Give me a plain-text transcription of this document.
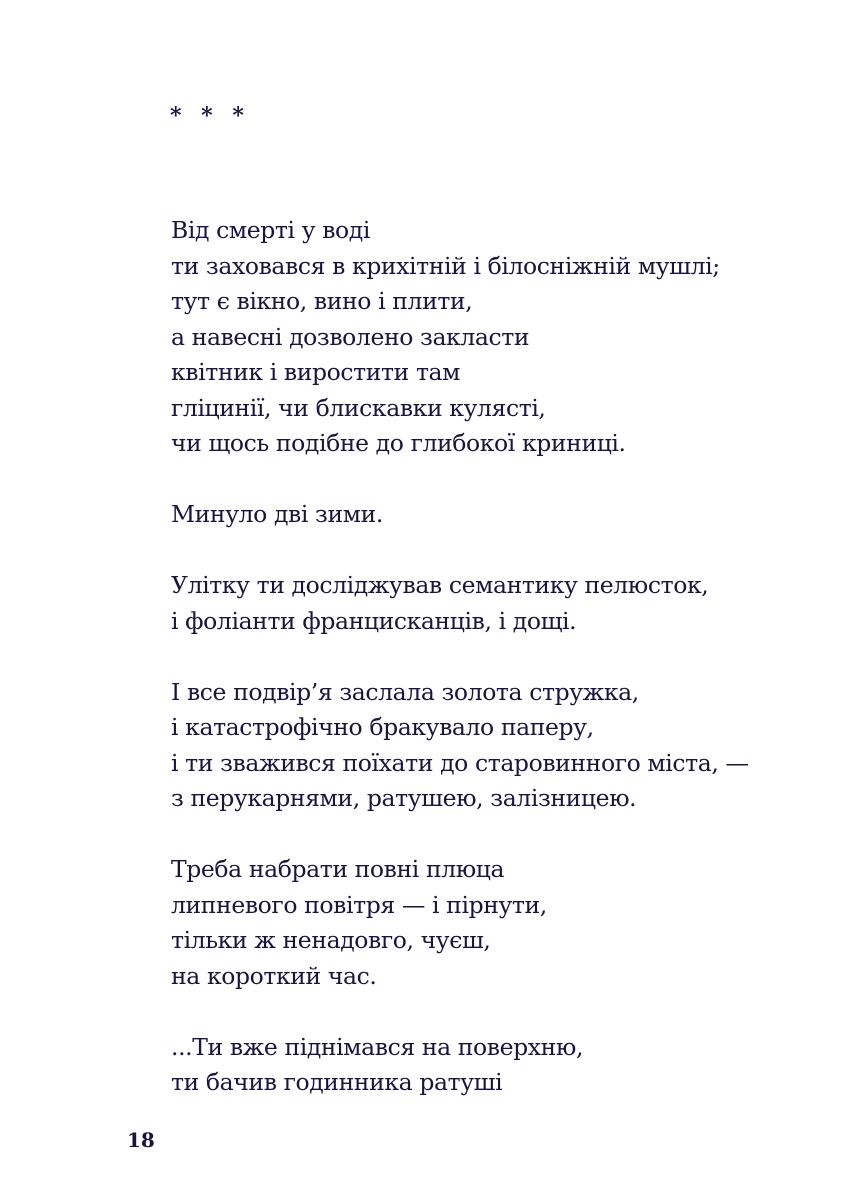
* * *
Від смерті у воді
ти заховався в крихітній і білосніжній мушлі;
тут є вікно, вино і плити,
а навесні дозволено закласти
квітник і виростити там
гліцинії, чи блискавки кулясті,
чи щось подібне до глибокої криниці.
Минуло дві зими.
Улітку ти досліджував семантику пелюсток,
і фоліанти францисканців, і дощі.
І все подвір’я заслала золота стружка,
і катастрофічно бракувало паперу,
і ти зважився поїхати до старовинного міста, —
з перукарнями, ратушею, залізницею.
Треба набрати повні плюца
липневого повітря — і пірнути,
тільки ж ненадовго, чуєш,
на короткий час.
...Ти вже піднімався на поверхню,
ти бачив годинника ратуші
18
